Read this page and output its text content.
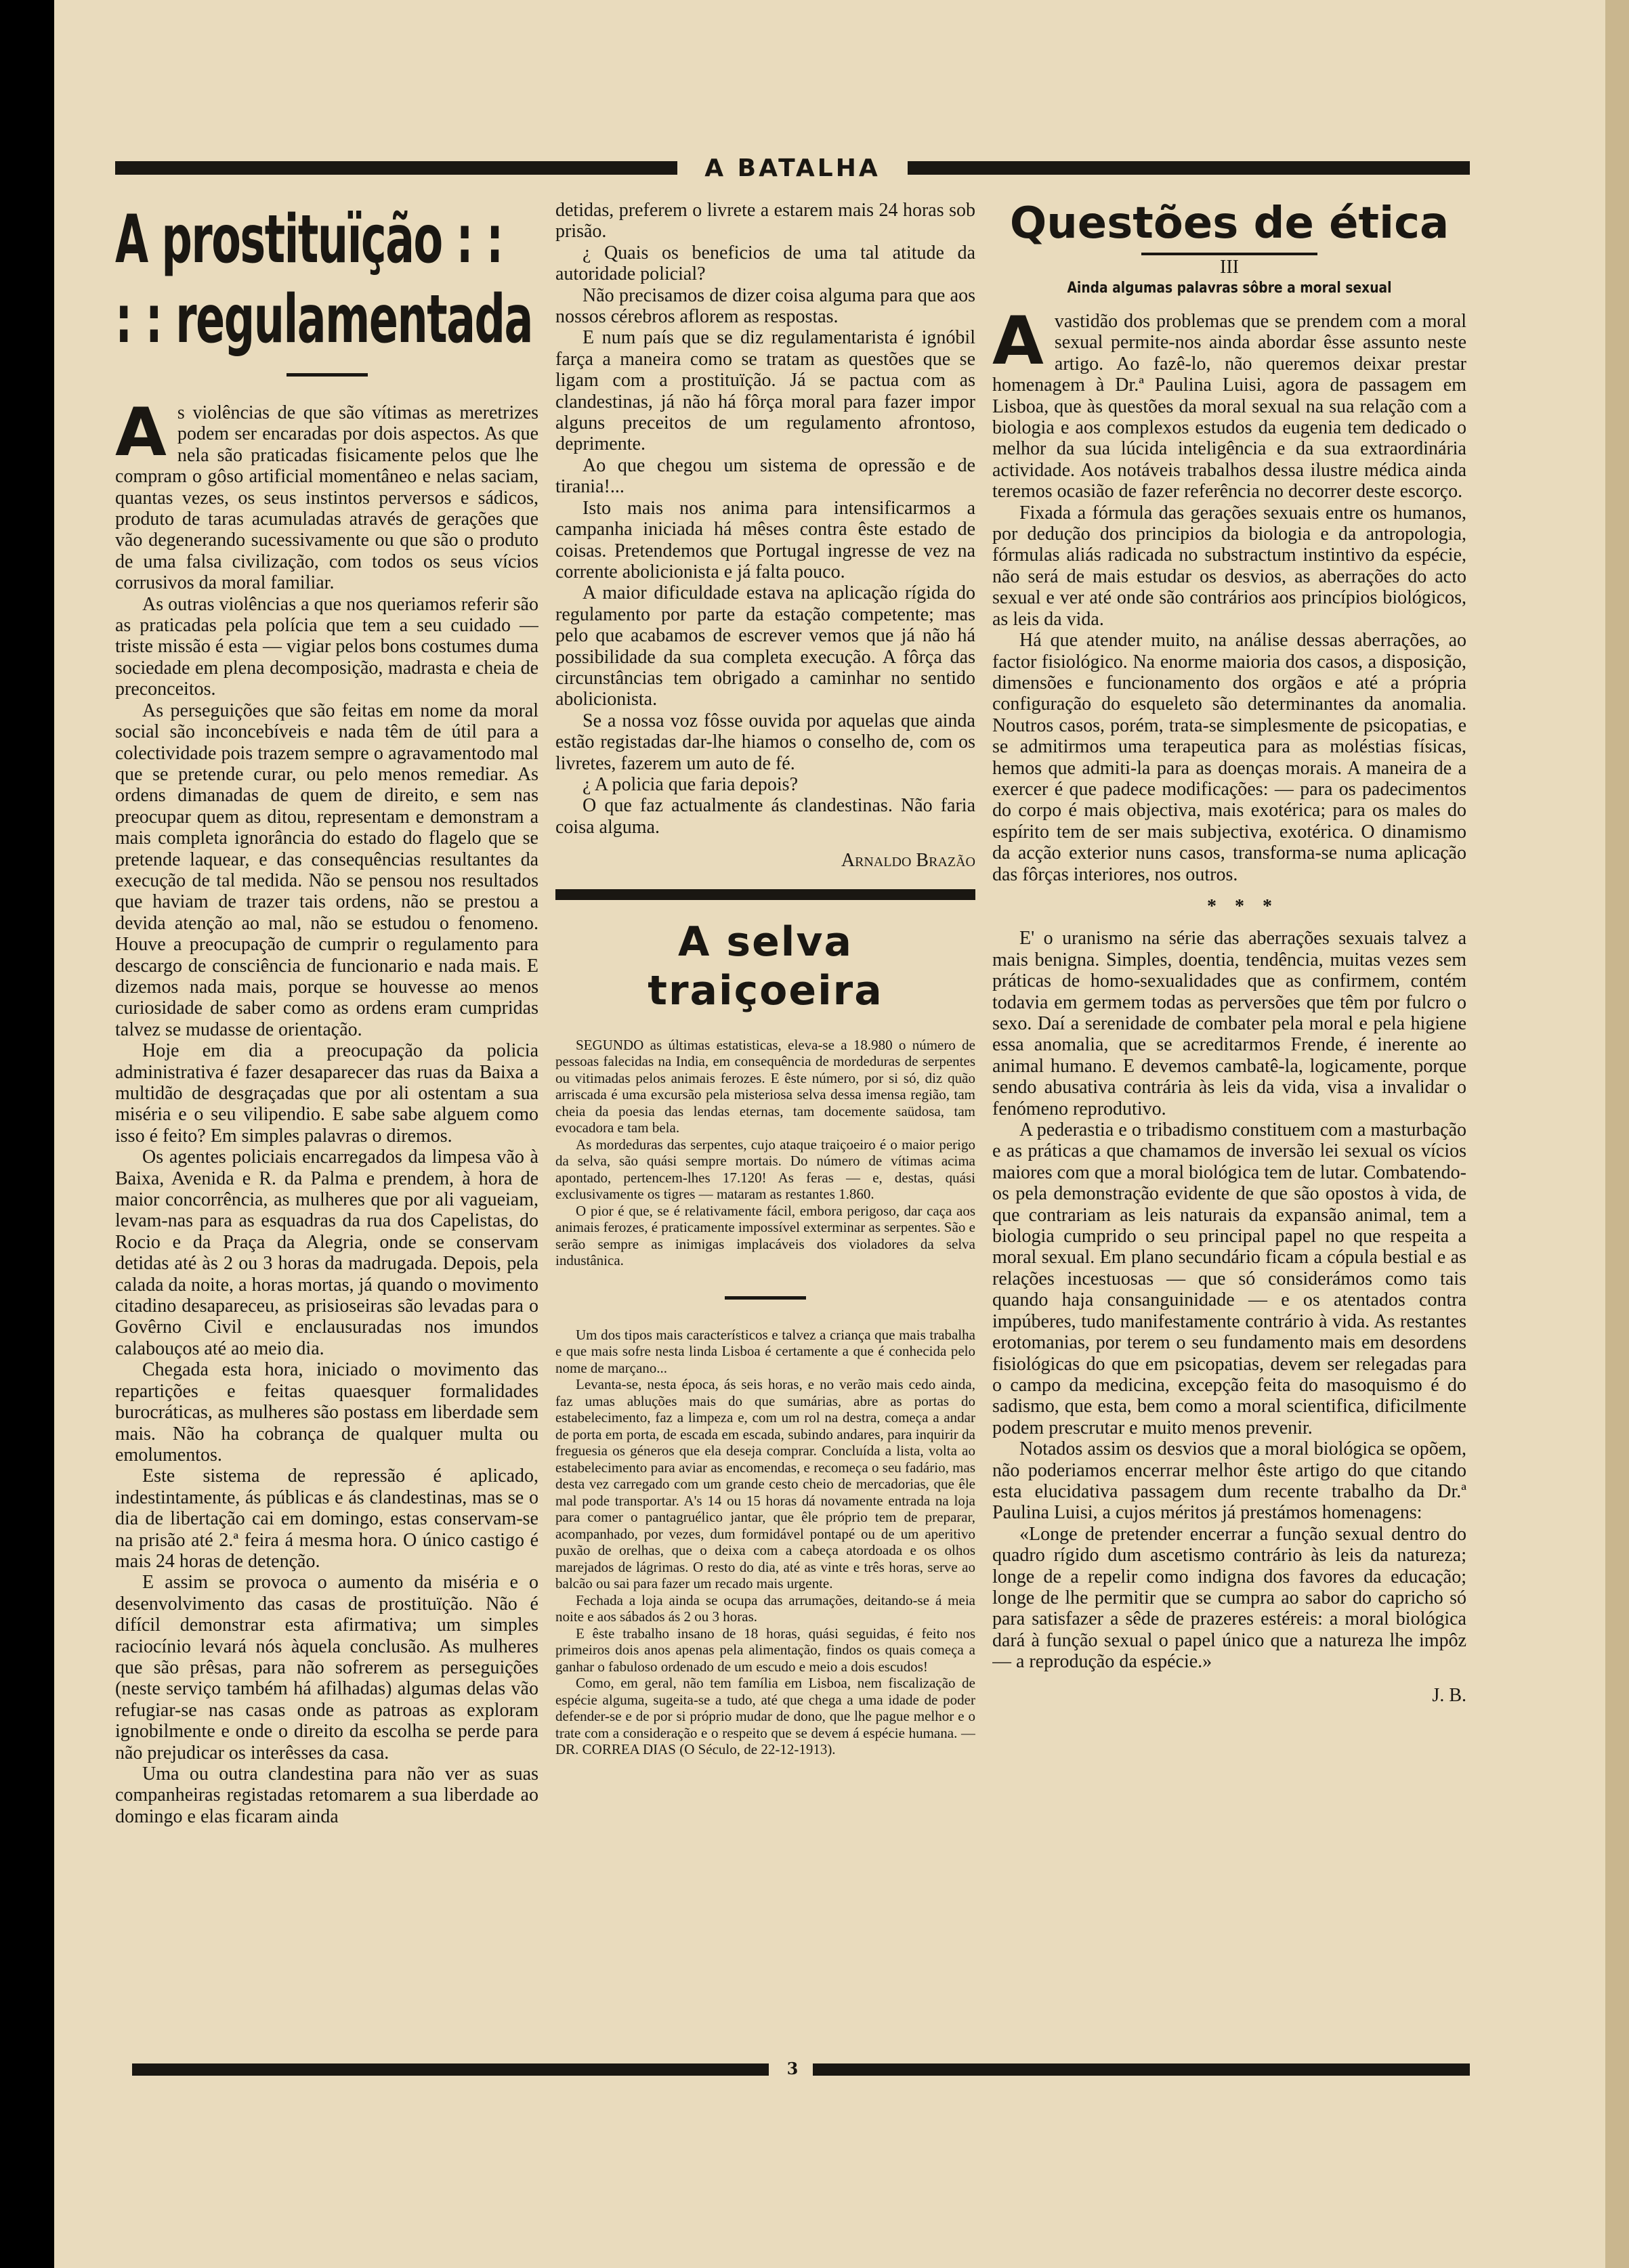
A BATALHA
A prostituïção : :
: : regulamentada

As violências de que são vítimas as meretrizes podem ser encaradas por dois aspectos. As que nela são praticadas fisicamente pelos que lhe compram o gôso artificial momentâneo e nelas saciam, quantas vezes, os seus instintos perversos e sádicos, produto de taras acumuladas através de gerações que vão degenerando sucessivamente ou que são o produto de uma falsa civilização, com todos os seus vícios corrusivos da moral familiar.

As outras violências a que nos queriamos referir são as praticadas pela polícia que tem a seu cuidado — triste missão é esta — vigiar pelos bons costumes duma sociedade em plena decomposição, madrasta e cheia de preconceitos.

As perseguições que são feitas em nome da moral social são inconcebíveis e nada têm de útil para a colectividade pois trazem sempre o agravamentodo mal que se pretende curar, ou pelo menos remediar. As ordens dimanadas de quem de direito, e sem nas preocupar quem as ditou, representam e demonstram a mais completa ignorância do estado do flagelo que se pretende laquear, e das consequências resultantes da execução de tal medida. Não se pensou nos resultados que haviam de trazer tais ordens, não se prestou a devida atenção ao mal, não se estudou o fenomeno. Houve a preocupação de cumprir o regulamento para descargo de consciência de funcionario e nada mais. E dizemos nada mais, porque se houvesse ao menos curiosidade de saber como as ordens eram cumpridas talvez se mudasse de orientação.

Hoje em dia a preocupação da policia administrativa é fazer desaparecer das ruas da Baixa a multidão de desgraçadas que por ali ostentam a sua miséria e o seu vilipendio. E sabe sabe alguem como isso é feito? Em simples palavras o diremos.

Os agentes policiais encarregados da limpesa vão à Baixa, Avenida e R. da Palma e prendem, à hora de maior concorrência, as mulheres que por ali vagueiam, levam-nas para as esquadras da rua dos Capelistas, do Rocio e da Praça da Alegria, onde se conservam detidas até às 2 ou 3 horas da madrugada. Depois, pela calada da noite, a horas mortas, já quando o movimento citadino desapareceu, as prisioseiras são levadas para o Govêrno Civil e enclausuradas nos imundos calabouços até ao meio dia.

Chegada esta hora, iniciado o movimento das repartições e feitas quaesquer formalidades burocráticas, as mulheres são postass em liberdade sem mais. Não ha cobrança de qualquer multa ou emolumentos.

Este sistema de repressão é aplicado, indestintamente, ás públicas e ás clandestinas, mas se o dia de libertação cai em domingo, estas conservam-se na prisão até 2.ª feira á mesma hora. O único castigo é mais 24 horas de detenção.

E assim se provoca o aumento da miséria e o desenvolvimento das casas de prostituïção. Não é difícil demonstrar esta afirmativa; um simples raciocínio levará nós àquela conclusão. As mulheres que são prêsas, para não sofrerem as perseguições (neste serviço também há afilhadas) algumas delas vão refugiar-se nas casas onde as patroas as exploram ignobilmente e onde o direito da escolha se perde para não prejudicar os interêsses da casa.

Uma ou outra clandestina para não ver as suas companheiras registadas retomarem a sua liberdade ao domingo e elas ficaram ainda

detidas, preferem o livrete a estarem mais 24 horas sob prisão.

¿ Quais os beneficios de uma tal atitude da autoridade policial?

Não precisamos de dizer coisa alguma para que aos nossos cérebros aflorem as respostas.

E num país que se diz regulamentarista é ignóbil farça a maneira como se tratam as questões que se ligam com a prostituïção. Já se pactua com as clandestinas, já não há fôrça moral para fazer impor alguns preceitos de um regulamento afrontoso, deprimente.

Ao que chegou um sistema de opressão e de tirania!...

Isto mais nos anima para intensificarmos a campanha iniciada há mêses contra êste estado de coisas. Pretendemos que Portugal ingresse de vez na corrente abolicionista e já falta pouco.

A maior dificuldade estava na aplicação rígida do regulamento por parte da estação competente; mas pelo que acabamos de escrever vemos que já não há possibilidade da sua completa execução. A fôrça das circunstâncias tem obrigado a caminhar no sentido abolicionista.

Se a nossa voz fôsse ouvida por aquelas que ainda estão registadas dar-lhe hiamos o conselho de, com os livretes, fazerem um auto de fé.

¿ A policia que faria depois?

O que faz actualmente ás clandestinas. Não faria coisa alguma.

Arnaldo Brazão

A selva traiçoeira

SEGUNDO as últimas estatisticas, eleva-se a 18.980 o número de pessoas falecidas na India, em consequência de mordeduras de serpentes ou vitimadas pelos animais ferozes. E êste número, por si só, diz quão arriscada é uma excursão pela misteriosa selva dessa imensa região, tam cheia da poesia das lendas eternas, tam docemente saüdosa, tam evocadora e tam bela.

As mordeduras das serpentes, cujo ataque traiçoeiro é o maior perigo da selva, são quási sempre mortais. Do número de vítimas acima apontado, pertencem-lhes 17.120! As feras — e, destas, quási exclusivamente os tigres — mataram as restantes 1.860.

O pior é que, se é relativamente fácil, embora perigoso, dar caça aos animais ferozes, é praticamente impossível exterminar as serpentes. São e serão sempre as inimigas implacáveis dos violadores da selva industânica.

Um dos tipos mais característicos e talvez a criança que mais trabalha e que mais sofre nesta linda Lisboa é certamente a que é conhecida pelo nome de marçano...

Levanta-se, nesta época, ás seis horas, e no verão mais cedo ainda, faz umas abluções mais do que sumárias, abre as portas do estabelecimento, faz a limpeza e, com um rol na destra, começa a andar de porta em porta, de escada em escada, subindo andares, para inquirir da freguesia os géneros que ela deseja comprar. Concluída a lista, volta ao estabelecimento para aviar as encomendas, e recomeça o seu fadário, mas desta vez carregado com um grande cesto cheio de mercadorias, que êle mal pode transportar. A's 14 ou 15 horas dá novamente entrada na loja para comer o pantagruélico jantar, que êle próprio tem de preparar, acompanhado, por vezes, dum formidável pontapé ou de um aperitivo puxão de orelhas, que o deixa com a cabeça atordoada e os olhos marejados de lágrimas. O resto do dia, até as vinte e três horas, serve ao balcão ou sai para fazer um recado mais urgente.

Fechada a loja ainda se ocupa das arrumações, deitando-se á meia noite e aos sábados ás 2 ou 3 horas.

E êste trabalho insano de 18 horas, quási seguidas, é feito nos primeiros dois anos apenas pela alimentação, findos os quais começa a ganhar o fabuloso ordenado de um escudo e meio a dois escudos!

Como, em geral, não tem família em Lisboa, nem fiscalização de espécie alguma, sugeita-se a tudo, até que chega a uma idade de poder defender-se e de por si próprio mudar de dono, que lhe pague melhor e o trate com a consideração e o respeito que se devem á espécie humana. — DR. CORREA DIAS (O Século, de 22-12-1913).

Questões de ética
III
Ainda algumas palavras sôbre a moral sexual

Avastidão dos problemas que se prendem com a moral sexual permite-nos ainda abordar êsse assunto neste artigo. Ao fazê-lo, não queremos deixar prestar homenagem à Dr.ª Paulina Luisi, agora de passagem em Lisboa, que às questões da moral sexual na sua relação com a biologia e aos complexos estudos da eugenia tem dedicado o melhor da sua lúcida inteligência e da sua extraordinária actividade. Aos notáveis trabalhos dessa ilustre médica ainda teremos ocasião de fazer referência no decorrer deste escorço.

Fixada a fórmula das gerações sexuais entre os humanos, por dedução dos principios da biologia e da antropologia, fórmulas aliás radicada no substractum instintivo da espécie, não será de mais estudar os desvios, as aberrações do acto sexual e ver até onde são contrários aos princípios biológicos, as leis da vida.

Há que atender muito, na análise dessas aberrações, ao factor fisiológico. Na enorme maioria dos casos, a disposição, dimensões e funcionamento dos orgãos e até a própria configuração do esqueleto são determinantes da anomalia. Noutros casos, porém, trata-se simplesmente de psicopatias, e se admitirmos uma terapeutica para as moléstias físicas, hemos que admiti-la para as doenças morais. A maneira de a exercer é que padece modificações: — para os padecimentos do corpo é mais objectiva, mais exotérica; para os males do espírito tem de ser mais subjectiva, exotérica. O dinamismo da acção exterior nuns casos, transforma-se numa aplicação das fôrças interiores, nos outros.

* * *

E' o uranismo na série das aberrações sexuais talvez a mais benigna. Simples, doentia, tendência, muitas vezes sem práticas de homo-sexualidades que as confirmem, contém todavia em germem todas as perversões que têm por fulcro o sexo. Daí a serenidade de combater pela moral e pela higiene essa anomalia, que se acreditarmos Frende, é inerente ao animal humano. E devemos cambatê-la, logicamente, porque sendo abusativa contrária às leis da vida, visa a invalidar o fenómeno reprodutivo.

A pederastia e o tribadismo constituem com a masturbação e as práticas a que chamamos de inversão lei sexual os vícios maiores com que a moral biológica tem de lutar. Combatendo-os pela demonstração evidente de que são opostos à vida, de que contrariam as leis naturais da expansão animal, tem a biologia cumprido o seu principal papel no que respeita a moral sexual. Em plano secundário ficam a cópula bestial e as relações incestuosas — que só considerámos como tais quando haja consanguinidade — e os atentados contra impúberes, tudo manifestamente contrário à vida. As restantes erotomanias, por terem o seu fundamento mais em desordens fisiológicas do que em psicopatias, devem ser relegadas para o campo da medicina, excepção feita do masoquismo é do sadismo, que esta, bem como a moral scientifica, dificilmente podem prescrutar e muito menos prevenir.

Notados assim os desvios que a moral biológica se opõem, não poderiamos encerrar melhor êste artigo do que citando esta elucidativa passagem dum recente trabalho da Dr.ª Paulina Luisi, a cujos méritos já prestámos homenagens:

«Longe de pretender encerrar a função sexual dentro do quadro rígido dum ascetismo contrário às leis da natureza; longe de a repelir como indigna dos favores da educação; longe de lhe permitir que se cumpra ao sabor do capricho só para satisfazer a sêde de prazeres estéreis: a moral biológica dará à função sexual o papel único que a natureza lhe impôz — a reprodução da espécie.»

J. B.

3
